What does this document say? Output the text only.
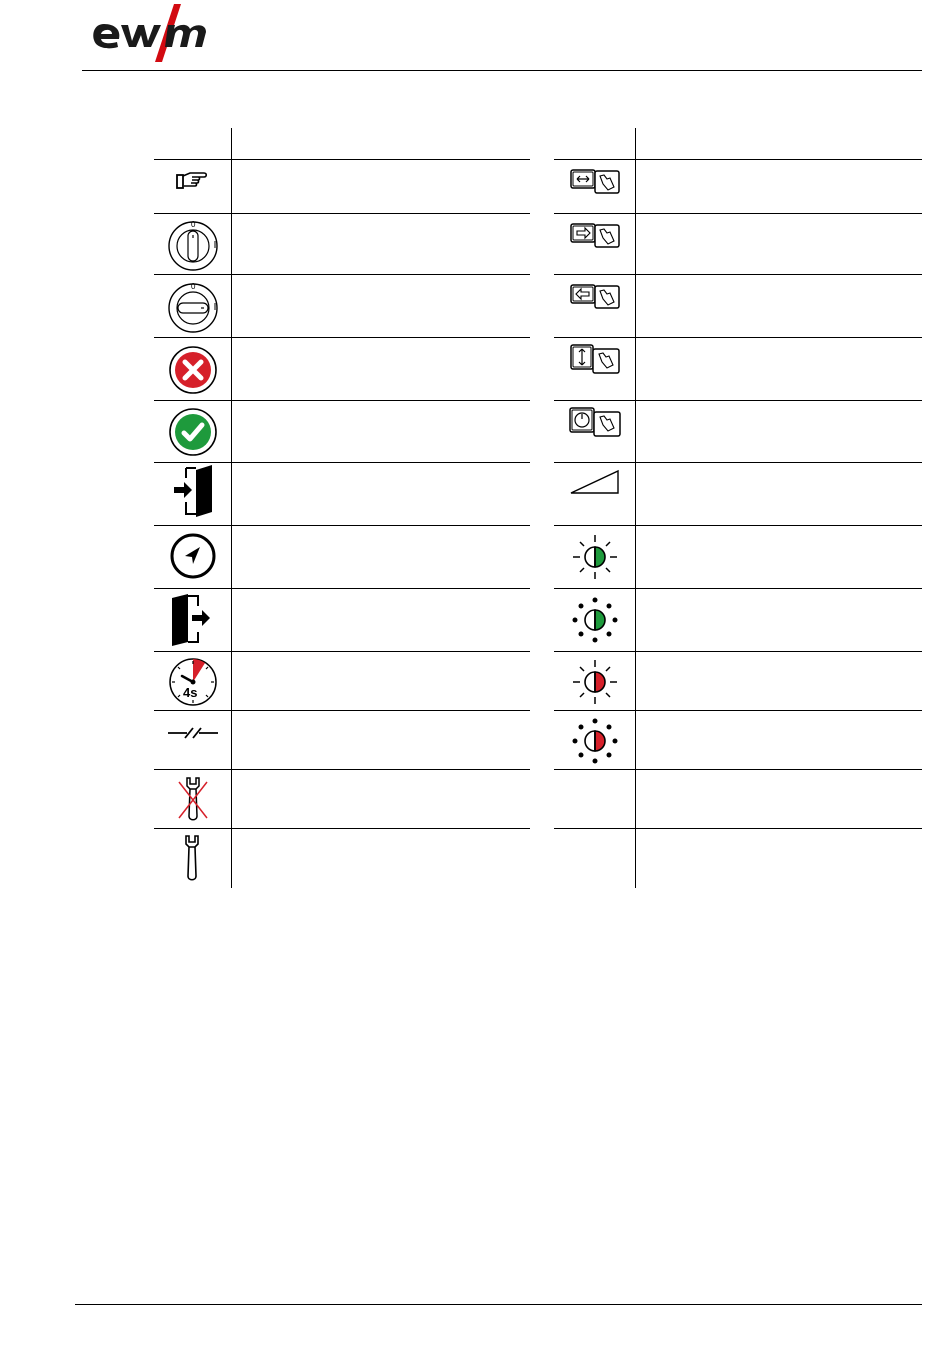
ewm
0
0
4s
